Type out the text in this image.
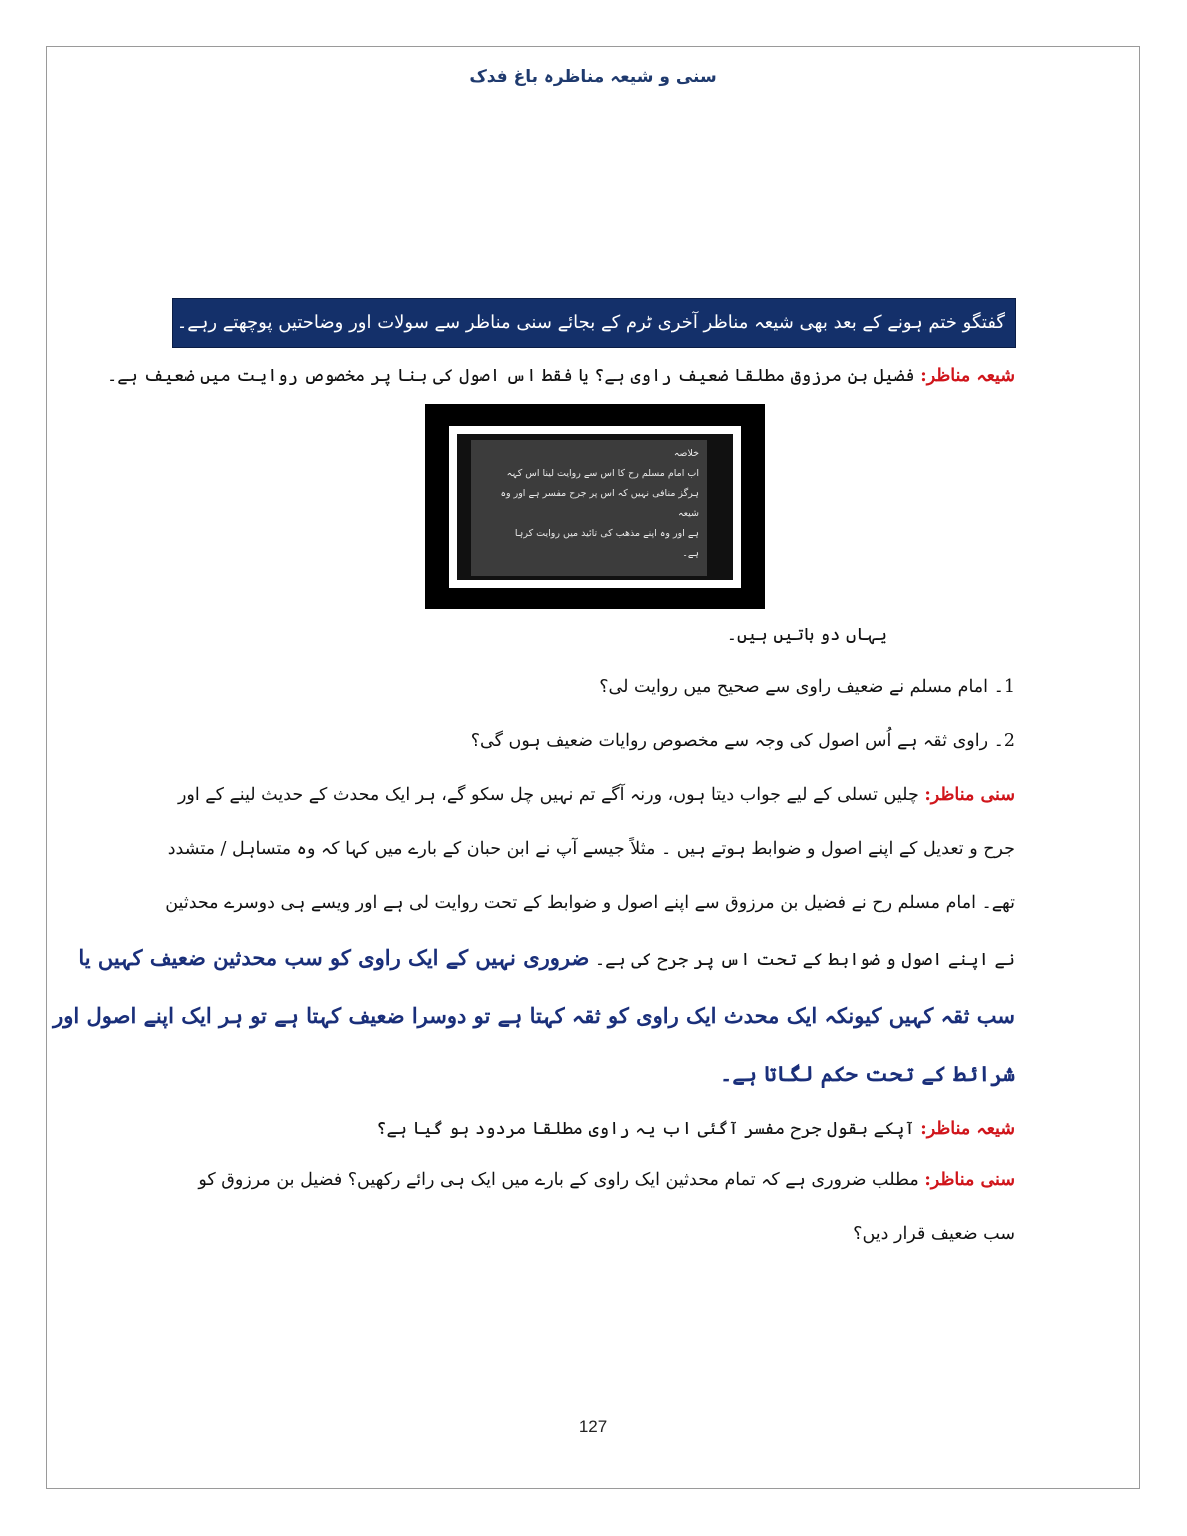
سنی و شیعہ مناظرہ باغ فدک
گفتگو ختم ہونے کے بعد بھی شیعہ مناظر آخری ٹرم کے بجائے سنی مناظر سے سولات اور وضاحتیں پوچھتے رہے۔
شیعہ مناظر: فضیل بن مرزوق مطلقا ضعیف راوی ہے؟ یا فقط اس اصول کی بنا پر مخصوص روایت میں ضعیف ہے۔
خلاصہ
اب امام مسلم رح کا اس سے روایت لینا اس کہہ
ہرگز منافی نہیں کہ اس پر جرح مفسر ہے اور وہ شیعہ
ہے اور وہ اپنے مذھب کی تائید میں روایت کرہا
ہے۔
یہاں دو باتیں ہیں۔
1۔ امام مسلم نے ضعیف راوی سے صحیح میں روایت لی؟
2۔ راوی ثقہ ہے اُس اصول کی وجہ سے مخصوص روایات ضعیف ہوں گی؟
سنی مناظر: چلیں تسلی کے لیے جواب دیتا ہوں، ورنہ آگے تم نہیں چل سکو گے، ہر ایک محدث کے حدیث لینے کے اور
جرح و تعدیل کے اپنے اصول و ضوابط ہوتے ہیں ۔ مثلاً جیسے آپ نے ابن حبان کے بارے میں کہا کہ وہ متساہل / متشدد
تھے۔ امام مسلم رح نے فضیل بن مرزوق سے اپنے اصول و ضوابط کے تحت روایت لی ہے اور ویسے ہی دوسرے محدثین
نے اپنے اصول و ضوابط کے تحت اس پر جرح کی ہے۔ ضروری نہیں کے ایک راوی کو سب محدثین ضعیف کہیں یا
سب ثقہ کہیں کیونکہ ایک محدث ایک راوی کو ثقہ کہتا ہے تو دوسرا ضعیف کہتا ہے تو ہر ایک اپنے اصول اور
شرائط کے تحت حکم لگاتا ہے۔
شیعہ مناظر: آپکے بقول جرح مفسر آگئی اب یہ راوی مطلقا مردود ہو گیا ہے؟
سنی مناظر: مطلب ضروری ہے کہ تمام محدثین ایک راوی کے بارے میں ایک ہی رائے رکھیں؟ فضیل بن مرزوق کو
سب ضعیف قرار دیں؟
127
